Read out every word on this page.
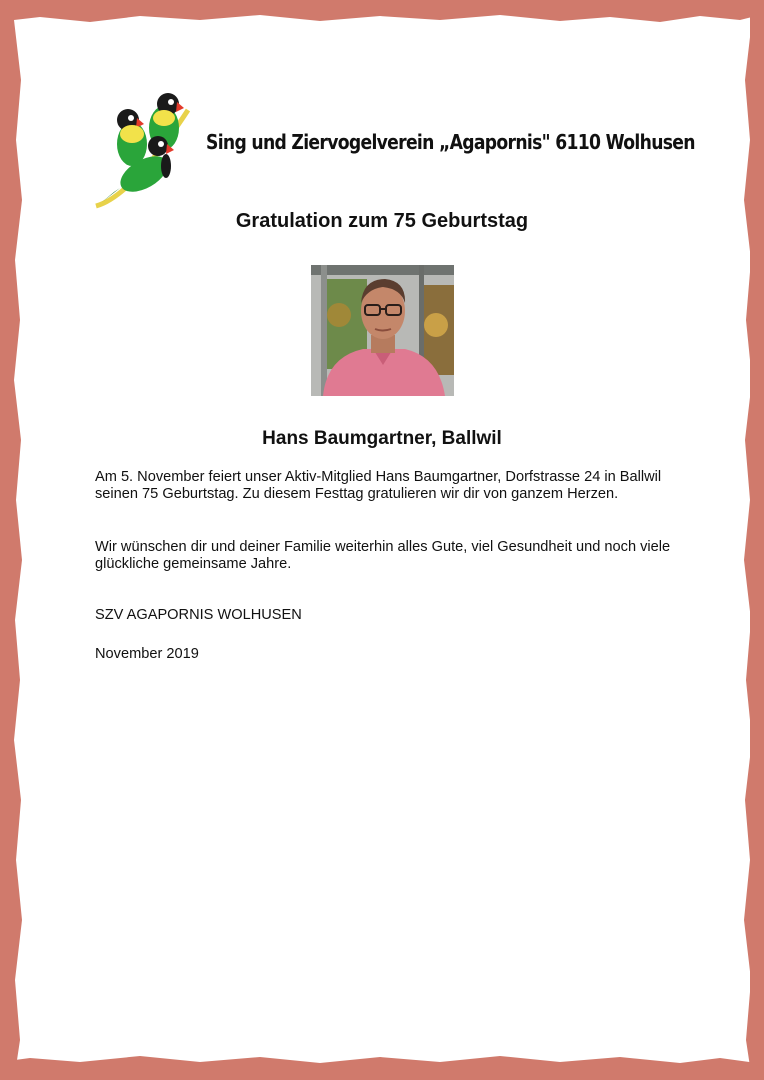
Sing und Ziervogelverein „Agapornis" 6110 Wolhusen
Gratulation zum 75 Geburtstag
Hans Baumgartner, Ballwil
Am 5. November feiert unser Aktiv-Mitglied Hans Baumgartner, Dorfstrasse 24 in Ballwil seinen 75 Geburtstag. Zu diesem Festtag gratulieren wir dir von ganzem Herzen.
Wir wünschen dir und deiner Familie weiterhin alles Gute, viel Gesundheit und noch viele glückliche gemeinsame Jahre.
SZV AGAPORNIS WOLHUSEN
November 2019
